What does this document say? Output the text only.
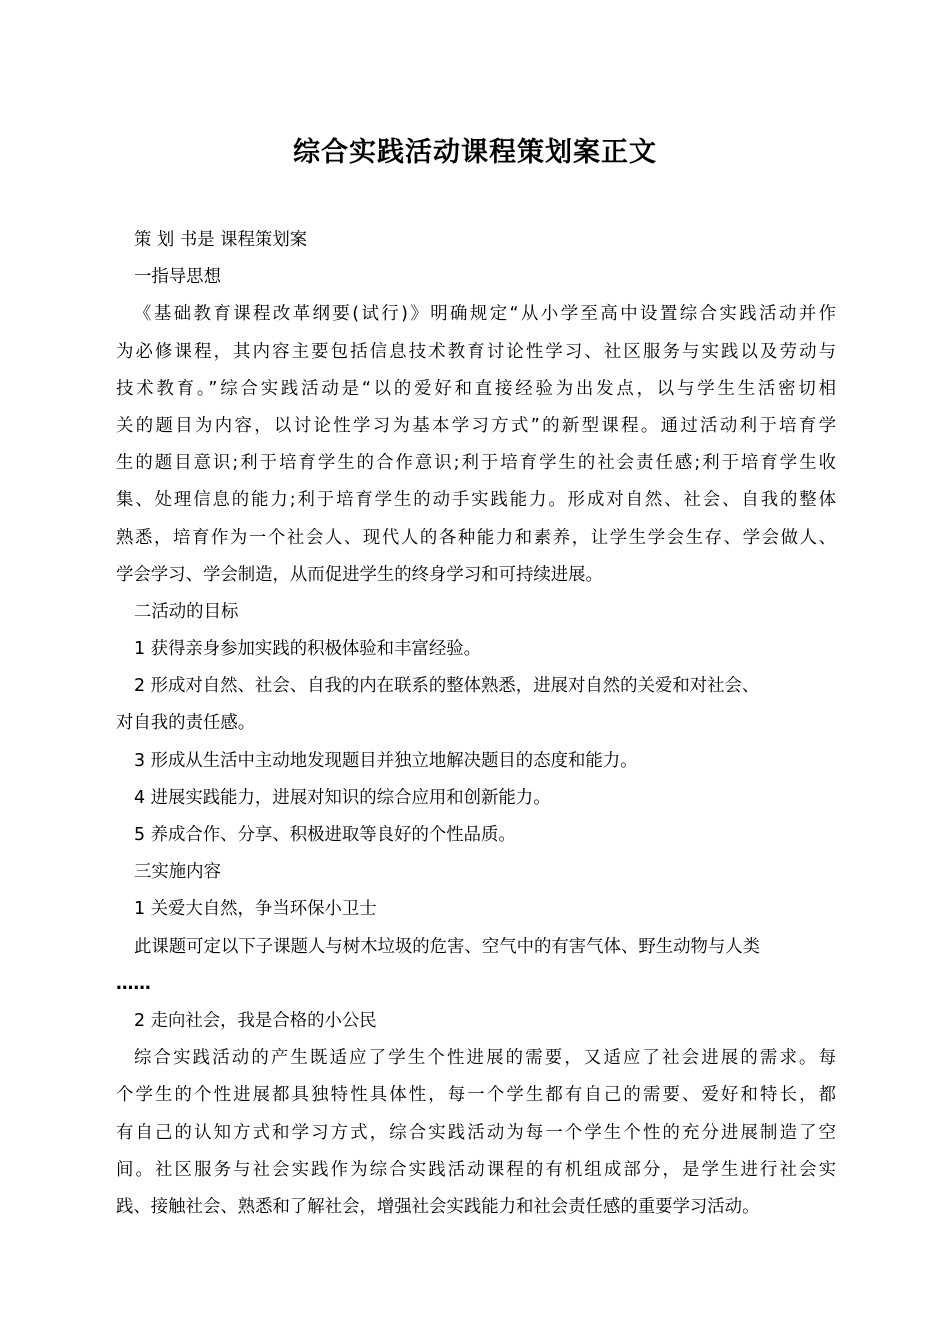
综合实践活动课程策划案正文
策 划 书是 课程策划案
一指导思想
《基础教育课程改革纲要(试行)》明确规定“从小学至高中设置综合实践活动并作
为必修课程，其内容主要包括信息技术教育讨论性学习、社区服务与实践以及劳动与
技术教育。”综合实践活动是“以的爱好和直接经验为出发点，以与学生生活密切相
关的题目为内容，以讨论性学习为基本学习方式”的新型课程。通过活动利于培育学
生的题目意识;利于培育学生的合作意识;利于培育学生的社会责任感;利于培育学生收
集、处理信息的能力;利于培育学生的动手实践能力。形成对自然、社会、自我的整体
熟悉，培育作为一个社会人、现代人的各种能力和素养，让学生学会生存、学会做人、
学会学习、学会制造，从而促进学生的终身学习和可持续进展。
二活动的目标
1 获得亲身参加实践的积极体验和丰富经验。
2 形成对自然、社会、自我的内在联系的整体熟悉，进展对自然的关爱和对社会、
对自我的责任感。
3 形成从生活中主动地发现题目并独立地解决题目的态度和能力。
4 进展实践能力，进展对知识的综合应用和创新能力。
5 养成合作、分享、积极进取等良好的个性品质。
三实施内容
1 关爱大自然，争当环保小卫士
此课题可定以下子课题人与树木垃圾的危害、空气中的有害气体、野生动物与人类
……
2 走向社会，我是合格的小公民
综合实践活动的产生既适应了学生个性进展的需要，又适应了社会进展的需求。每
个学生的个性进展都具独特性具体性，每一个学生都有自己的需要、爱好和特长，都
有自己的认知方式和学习方式，综合实践活动为每一个学生个性的充分进展制造了空
间。社区服务与社会实践作为综合实践活动课程的有机组成部分，是学生进行社会实
践、接触社会、熟悉和了解社会，增强社会实践能力和社会责任感的重要学习活动。
